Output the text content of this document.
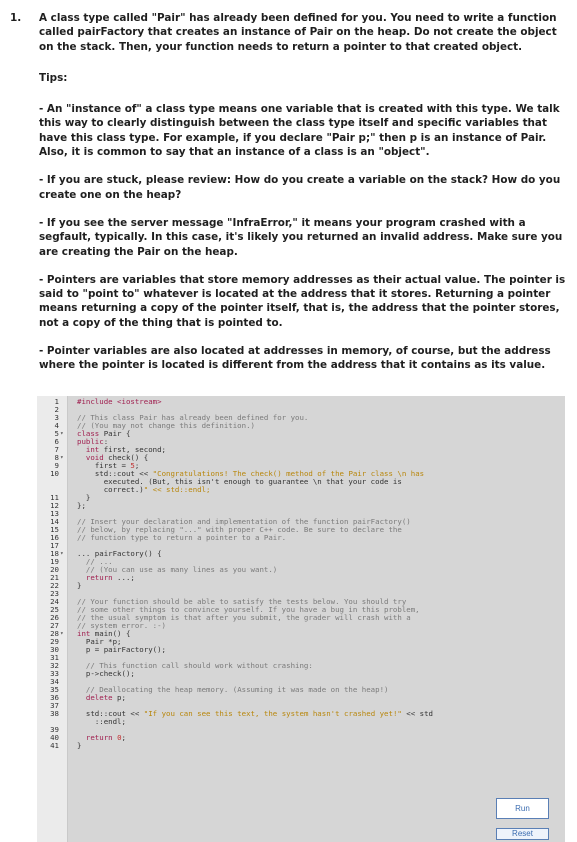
1. A class type called "Pair" has already been defined for you. You need to write a function called pairFactory that creates an instance of Pair on the heap. Do not create the object on the stack. Then, your function needs to return a pointer to that created object.

Tips:

- An "instance of" a class type means one variable that is created with this type. We talk this way to clearly distinguish between the class type itself and specific variables that have this class type. For example, if you declare "Pair p;" then p is an instance of Pair. Also, it is common to say that an instance of a class is an "object".

- If you are stuck, please review: How do you create a variable on the stack? How do you create one on the heap?

- If you see the server message "InfraError," it means your program crashed with a segfault, typically. In this case, it's likely you returned an invalid address. Make sure you are creating the Pair on the heap.

- Pointers are variables that store memory addresses as their actual value. The pointer is said to "point to" whatever is located at the address that it stores. Returning a pointer means returning a copy of the pointer itself, that is, the address that the pointer stores, not a copy of the thing that is pointed to.

- Pointer variables are also located at addresses in memory, of course, but the address where the pointer is located is different from the address that it contains as its value.

1 #include <iostream>
2
3 // This class Pair has already been defined for you.
4 // (You may not change this definition.)
5 ▾	class Pair {
6 public:
7	int first, second;
8 ▾	void check() {
9 first = 5;
10 std::cout << "Congratulations! The check() method of the Pair class \n has
executed. (But, this isn't enough to guarantee \n that your code is
correct.)" << std::endl;
11 }
12 };
13
14 // Insert your declaration and implementation of the function pairFactory()
15 // below, by replacing "..." with proper C++ code. Be sure to declare the
16 // function type to return a pointer to a Pair.
17
18 ▾	... pairFactory() {
19 // ...
20 // (You can use as many lines as you want.)
21	return ...;
22 }
23
24 // Your function should be able to satisfy the tests below. You should try
25 // some other things to convince yourself. If you have a bug in this problem,
26 // the usual symptom is that after you submit, the grader will crash with a
27 // system error. :-)
28 ▾	int main() {
29 Pair *p;
30 p = pairFactory();
31
32 // This function call should work without crashing:
33 p->check();
34
35 // Deallocating the heap memory. (Assuming it was made on the heap!)
36	delete p;
37
38 std::cout << "If you can see this text, the system hasn't crashed yet!" << std
::endl;
39
40	return 0;
41 }
Run
Reset
